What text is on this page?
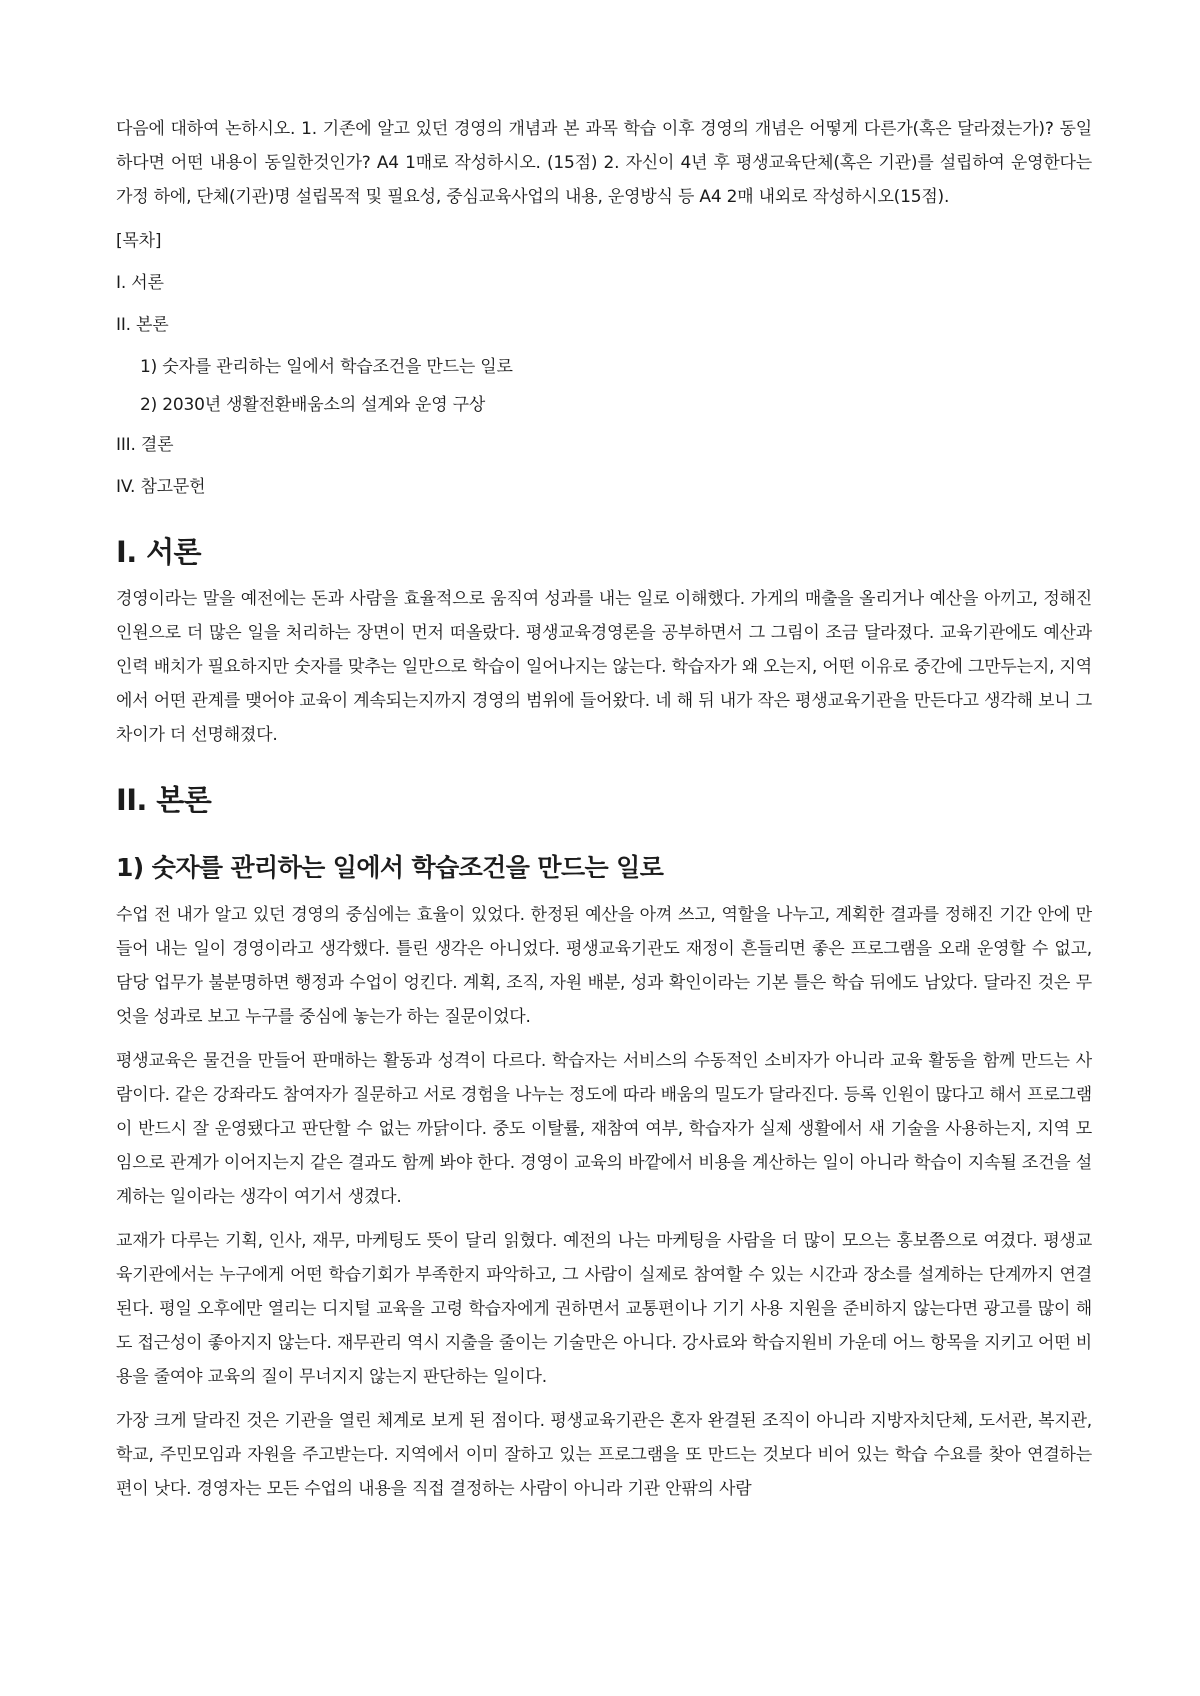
다음에 대하여 논하시오. 1. 기존에 알고 있던 경영의 개념과 본 과목 학습 이후 경영의 개념은 어떻게 다른가(혹은 달라졌는가)? 동일하다면 어떤 내용이 동일한것인가? A4 1매로 작성하시오. (15점) 2. 자신이 4년 후 평생교육단체(혹은 기관)를 설립하여 운영한다는 가정 하에, 단체(기관)명 설립목적 및 필요성, 중심교육사업의 내용, 운영방식 등 A4 2매 내외로 작성하시오(15점).

[목차]

I. 서론

II. 본론

1) 숫자를 관리하는 일에서 학습조건을 만드는 일로

2) 2030년 생활전환배움소의 설계와 운영 구상

III. 결론

IV. 참고문헌

I. 서론

경영이라는 말을 예전에는 돈과 사람을 효율적으로 움직여 성과를 내는 일로 이해했다. 가게의 매출을 올리거나 예산을 아끼고, 정해진 인원으로 더 많은 일을 처리하는 장면이 먼저 떠올랐다. 평생교육경영론을 공부하면서 그 그림이 조금 달라졌다. 교육기관에도 예산과 인력 배치가 필요하지만 숫자를 맞추는 일만으로 학습이 일어나지는 않는다. 학습자가 왜 오는지, 어떤 이유로 중간에 그만두는지, 지역에서 어떤 관계를 맺어야 교육이 계속되는지까지 경영의 범위에 들어왔다. 네 해 뒤 내가 작은 평생교육기관을 만든다고 생각해 보니 그 차이가 더 선명해졌다.

II. 본론
1) 숫자를 관리하는 일에서 학습조건을 만드는 일로

수업 전 내가 알고 있던 경영의 중심에는 효율이 있었다. 한정된 예산을 아껴 쓰고, 역할을 나누고, 계획한 결과를 정해진 기간 안에 만들어 내는 일이 경영이라고 생각했다. 틀린 생각은 아니었다. 평생교육기관도 재정이 흔들리면 좋은 프로그램을 오래 운영할 수 없고, 담당 업무가 불분명하면 행정과 수업이 엉킨다. 계획, 조직, 자원 배분, 성과 확인이라는 기본 틀은 학습 뒤에도 남았다. 달라진 것은 무엇을 성과로 보고 누구를 중심에 놓는가 하는 질문이었다.

평생교육은 물건을 만들어 판매하는 활동과 성격이 다르다. 학습자는 서비스의 수동적인 소비자가 아니라 교육 활동을 함께 만드는 사람이다. 같은 강좌라도 참여자가 질문하고 서로 경험을 나누는 정도에 따라 배움의 밀도가 달라진다. 등록 인원이 많다고 해서 프로그램이 반드시 잘 운영됐다고 판단할 수 없는 까닭이다. 중도 이탈률, 재참여 여부, 학습자가 실제 생활에서 새 기술을 사용하는지, 지역 모임으로 관계가 이어지는지 같은 결과도 함께 봐야 한다. 경영이 교육의 바깥에서 비용을 계산하는 일이 아니라 학습이 지속될 조건을 설계하는 일이라는 생각이 여기서 생겼다.

교재가 다루는 기획, 인사, 재무, 마케팅도 뜻이 달리 읽혔다. 예전의 나는 마케팅을 사람을 더 많이 모으는 홍보쯤으로 여겼다. 평생교육기관에서는 누구에게 어떤 학습기회가 부족한지 파악하고, 그 사람이 실제로 참여할 수 있는 시간과 장소를 설계하는 단계까지 연결된다. 평일 오후에만 열리는 디지털 교육을 고령 학습자에게 권하면서 교통편이나 기기 사용 지원을 준비하지 않는다면 광고를 많이 해도 접근성이 좋아지지 않는다. 재무관리 역시 지출을 줄이는 기술만은 아니다. 강사료와 학습지원비 가운데 어느 항목을 지키고 어떤 비용을 줄여야 교육의 질이 무너지지 않는지 판단하는 일이다.

가장 크게 달라진 것은 기관을 열린 체계로 보게 된 점이다. 평생교육기관은 혼자 완결된 조직이 아니라 지방자치단체, 도서관, 복지관, 학교, 주민모임과 자원을 주고받는다. 지역에서 이미 잘하고 있는 프로그램을 또 만드는 것보다 비어 있는 학습 수요를 찾아 연결하는 편이 낫다. 경영자는 모든 수업의 내용을 직접 결정하는 사람이 아니라 기관 안팎의 사람
